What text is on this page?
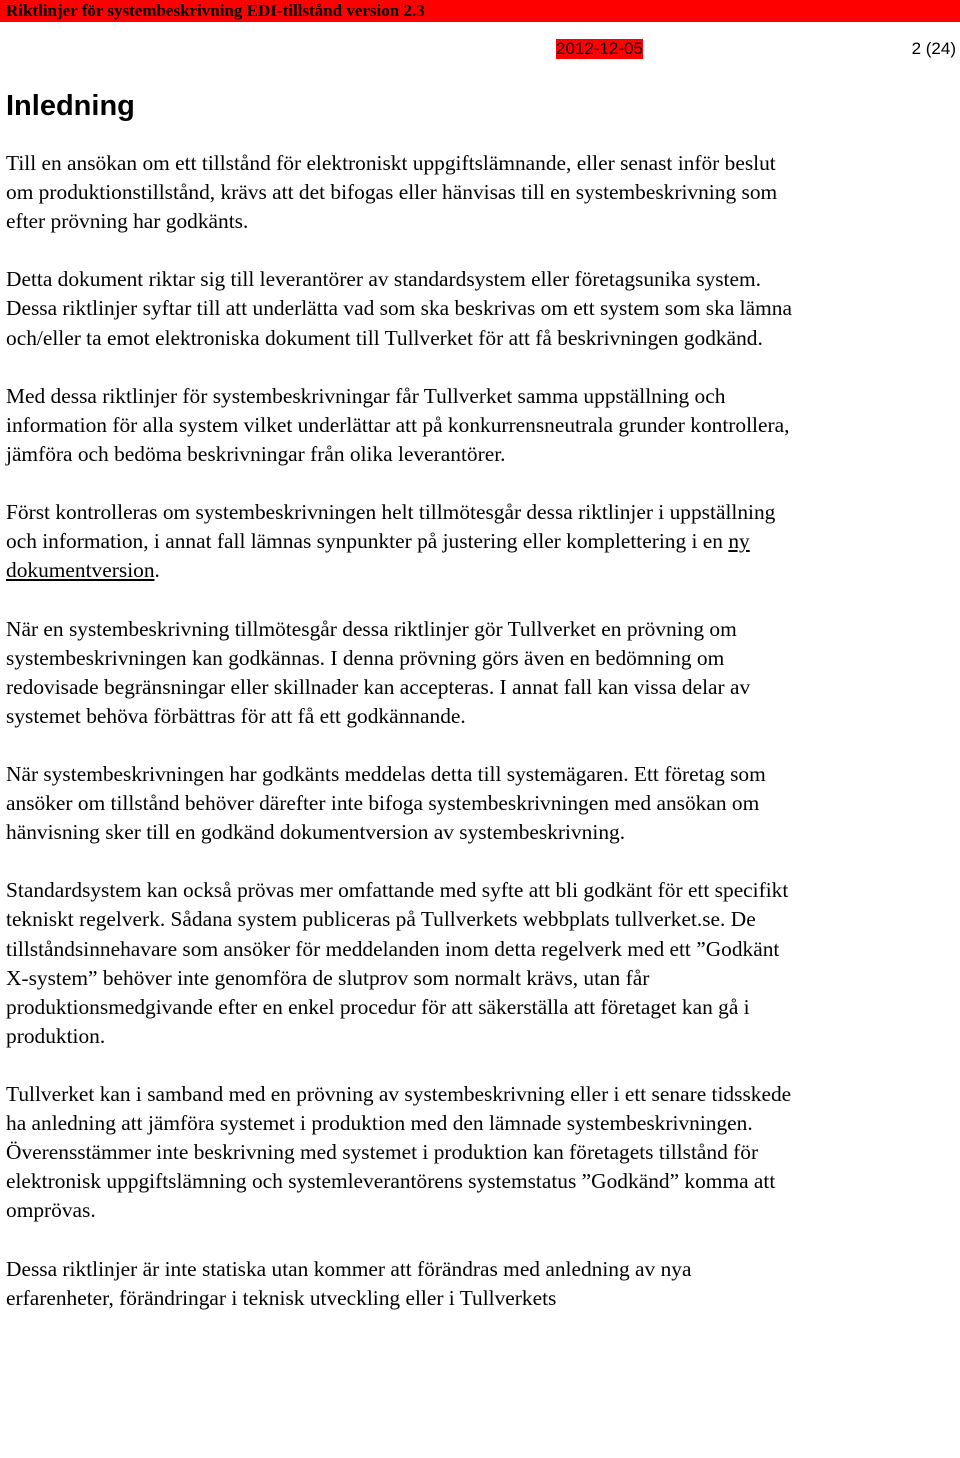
Riktlinjer för systembeskrivning EDI-tillstånd version 2.3
2012-12-05	2 (24)
Inledning

Till en ansökan om ett tillstånd för elektroniskt uppgiftslämnande, eller senast inför beslut om produktionstillstånd, krävs att det bifogas eller hänvisas till en systembeskrivning som efter prövning har godkänts.

Detta dokument riktar sig till leverantörer av standardsystem eller företagsunika system. Dessa riktlinjer syftar till att underlätta vad som ska beskrivas om ett system som ska lämna och/eller ta emot elektroniska dokument till Tullverket för att få beskrivningen godkänd.

Med dessa riktlinjer för systembeskrivningar får Tullverket samma uppställning och information för alla system vilket underlättar att på konkurrensneutrala grunder kontrollera, jämföra och bedöma beskrivningar från olika leverantörer.

Först kontrolleras om systembeskrivningen helt tillmötesgår dessa riktlinjer i uppställning och information, i annat fall lämnas synpunkter på justering eller komplettering i en ny dokumentversion.

När en systembeskrivning tillmötesgår dessa riktlinjer gör Tullverket en prövning om systembeskrivningen kan godkännas. I denna prövning görs även en bedömning om redovisade begränsningar eller skillnader kan accepteras. I annat fall kan vissa delar av systemet behöva förbättras för att få ett godkännande.

När systembeskrivningen har godkänts meddelas detta till systemägaren. Ett företag som ansöker om tillstånd behöver därefter inte bifoga systembeskrivningen med ansökan om hänvisning sker till en godkänd dokumentversion av systembeskrivning.

Standardsystem kan också prövas mer omfattande med syfte att bli godkänt för ett specifikt tekniskt regelverk. Sådana system publiceras på Tullverkets webbplats tullverket.se. De tillståndsinnehavare som ansöker för meddelanden inom detta regelverk med ett ”Godkänt X-system” behöver inte genomföra de slutprov som normalt krävs, utan får produktionsmedgivande efter en enkel procedur för att säkerställa att företaget kan gå i produktion.

Tullverket kan i samband med en prövning av systembeskrivning eller i ett senare tidsskede ha anledning att jämföra systemet i produktion med den lämnade systembeskrivningen. Överensstämmer inte beskrivning med systemet i produktion kan företagets tillstånd för elektronisk uppgiftslämning och systemleverantörens systemstatus ”Godkänd” komma att omprövas.

Dessa riktlinjer är inte statiska utan kommer att förändras med anledning av nya erfarenheter, förändringar i teknisk utveckling eller i Tullverkets
